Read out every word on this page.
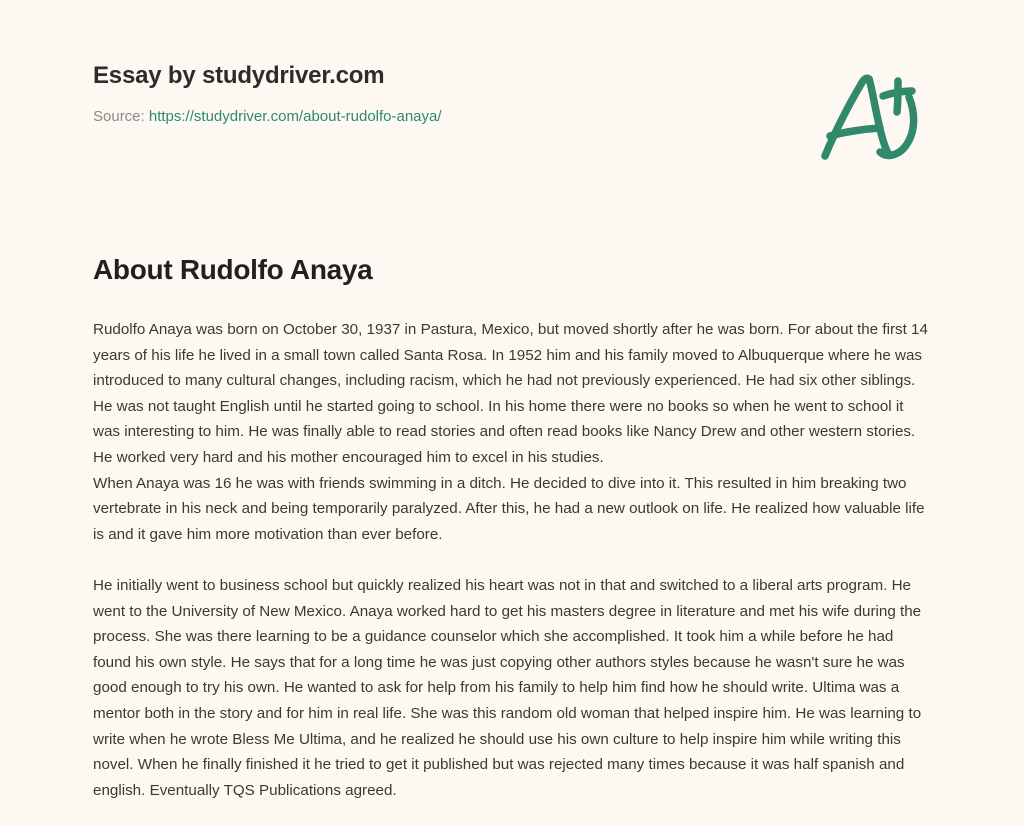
Essay by studydriver.com
Source: https://studydriver.com/about-rudolfo-anaya/
About Rudolfo Anaya

Rudolfo Anaya was born on October 30, 1937 in Pastura, Mexico, but moved shortly after he was born. For about the first 14 years of his life he lived in a small town called Santa Rosa. In 1952 him and his family moved to Albuquerque where he was introduced to many cultural changes, including racism, which he had not previously experienced. He had six other siblings. He was not taught English until he started going to school. In his home there were no books so when he went to school it was interesting to him. He was finally able to read stories and often read books like Nancy Drew and other western stories. He worked very hard and his mother encouraged him to excel in his studies.

When Anaya was 16 he was with friends swimming in a ditch. He decided to dive into it. This resulted in him breaking two vertebrate in his neck and being temporarily paralyzed. After this, he had a new outlook on life. He realized how valuable life is and it gave him more motivation than ever before.

He initially went to business school but quickly realized his heart was not in that and switched to a liberal arts program. He went to the University of New Mexico. Anaya worked hard to get his masters degree in literature and met his wife during the process. She was there learning to be a guidance counselor which she accomplished. It took him a while before he had found his own style. He says that for a long time he was just copying other authors styles because he wasn't sure he was good enough to try his own. He wanted to ask for help from his family to help him find how he should write. Ultima was a mentor both in the story and for him in real life. She was this random old woman that helped inspire him. He was learning to write when he wrote Bless Me Ultima, and he realized he should use his own culture to help inspire him while writing this novel. When he finally finished it he tried to get it published but was rejected many times because it was half spanish and english. Eventually TQS Publications agreed.
